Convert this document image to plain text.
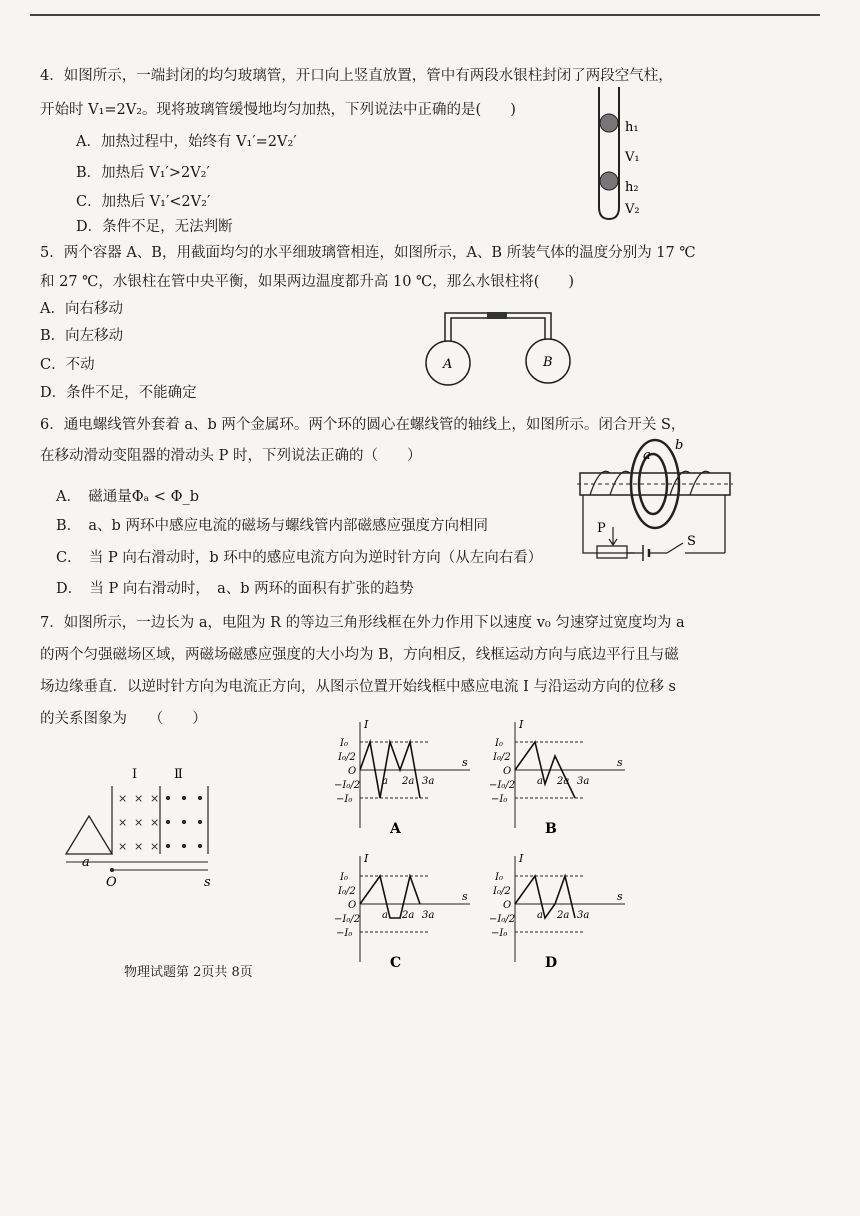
4．如图所示，一端封闭的均匀玻璃管，开口向上竖直放置，管中有两段水银柱封闭了两段空气柱，
开始时 V₁=2V₂。现将玻璃管缓慢地均匀加热，下列说法中正确的是(　　)
A．加热过程中，始终有 V₁′=2V₂′
B．加热后 V₁′>2V₂′
C．加热后 V₁′<2V₂′
D．条件不足，无法判断
h₁
V₁
h₂
V₂
5．两个容器 A、B，用截面均匀的水平细玻璃管相连，如图所示，A、B 所装气体的温度分别为 17 ℃
和 27 ℃，水银柱在管中央平衡，如果两边温度都升高 10 ℃，那么水银柱将(　　)
A．向右移动
B．向左移动
C．不动
D．条件不足，不能确定
A	B
6．通电螺线管外套着 a、b 两个金属环。两个环的圆心在螺线管的轴线上，如图所示。闭合开关 S，
在移动滑动变阻器的滑动头 P 时，下列说法正确的（　　）
A．　磁通量Φₐ < Φ_b
B．　a、b 两环中感应电流的磁场与螺线管内部磁感应强度方向相同
C．　当 P 向右滑动时，b 环中的感应电流方向为逆时针方向（从左向右看）
D．　当 P 向右滑动时，　a、b 两环的面积有扩张的趋势
a
b
P
S
7．如图所示，一边长为 a，电阻为 R 的等边三角形线框在外力作用下以速度 v₀ 匀速穿过宽度均为 a
的两个匀强磁场区域，两磁场磁感应强度的大小均为 B，方向相反，线框运动方向与底边平行且与磁
场边缘垂直．以逆时针方向为电流正方向，从图示位置开始线框中感应电流 I 与沿运动方向的位移 s
的关系图象为　　（　　）
Ⅰ	Ⅱ
× × ×
× × ×
× × ×
a
O	s
I
I₀
I₀/2
O
−I₀/2
−I₀
a 2a 3a
s
A
I
I₀
I₀/2
O
−I₀/2
−I₀
a 2a 3a
s
B
I
I₀
I₀/2
O
−I₀/2
−I₀
a 2a 3a
s
C
I
I₀
I₀/2
O
−I₀/2
−I₀
a 2a 3a
s
D
物理试题第 2页共 8页
